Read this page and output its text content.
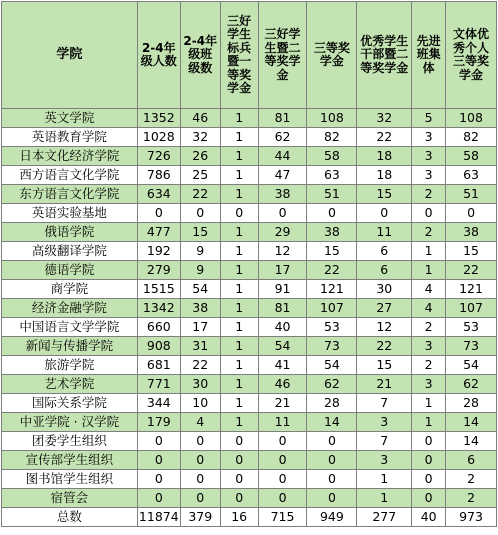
学院	2-4年级人数	2-4年级班级数	三好学生标兵暨一等奖学金	三好学生暨二等奖学金	三等奖学金	优秀学生干部暨二等奖学金	先进班集体	文体优秀个人三等奖学金
英文学院	1352	46	1	81	108	32	5	108
英语教育学院	1028	32	1	62	82	22	3	82
日本文化经济学院	726	26	1	44	58	18	3	58
西方语言文化学院	786	25	1	47	63	18	3	63
东方语言文化学院	634	22	1	38	51	15	2	51
英语实验基地	0	0	0	0	0	0	0	0
俄语学院	477	15	1	29	38	11	2	38
高级翻译学院	192	9	1	12	15	6	1	15
德语学院	279	9	1	17	22	6	1	22
商学院	1515	54	1	91	121	30	4	121
经济金融学院	1342	38	1	81	107	27	4	107
中国语言文学学院	660	17	1	40	53	12	2	53
新闻与传播学院	908	31	1	54	73	22	3	73
旅游学院	681	22	1	41	54	15	2	54
艺术学院	771	30	1	46	62	21	3	62
国际关系学院	344	10	1	21	28	7	1	28
中亚学院 · 汉学院	179	4	1	11	14	3	1	14
团委学生组织	0	0	0	0	0	7	0	14
宣传部学生组织	0	0	0	0	0	3	0	6
图书馆学生组织	0	0	0	0	0	1	0	2
宿管会	0	0	0	0	0	1	0	2
总数	11874	379	16	715	949	277	40	973
